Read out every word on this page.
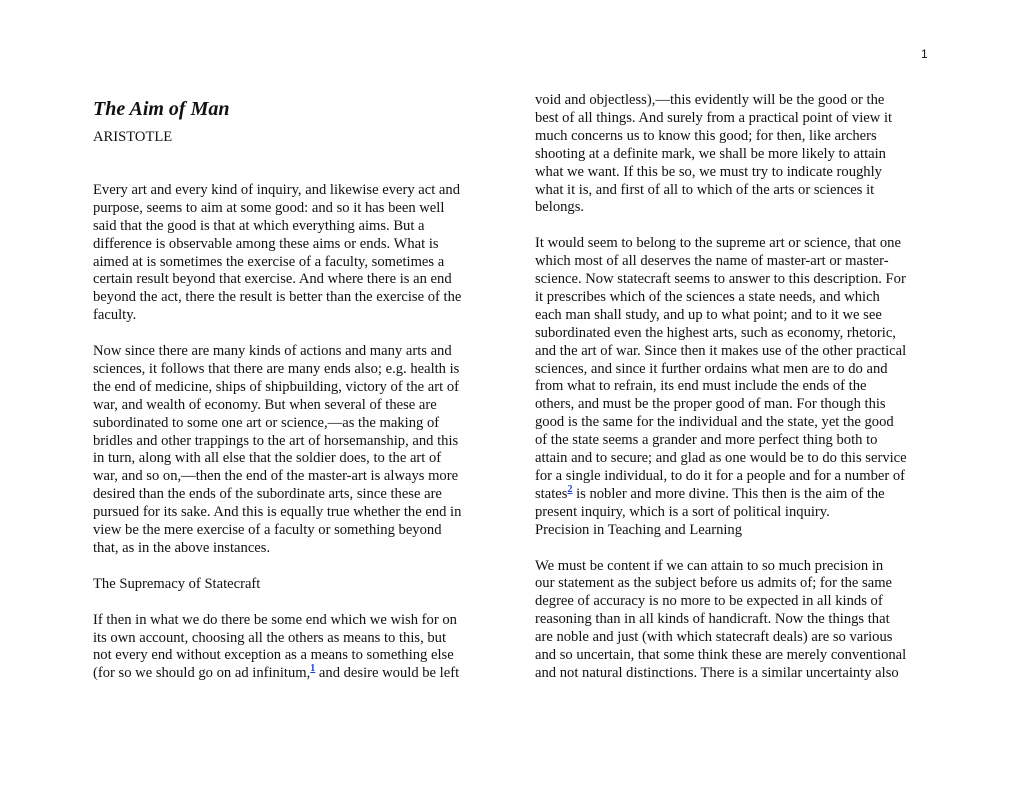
1
The Aim of Man
ARISTOTLE

Every art and every kind of inquiry, and likewise every act and
purpose, seems to aim at some good: and so it has been well
said that the good is that at which everything aims. But a
difference is observable among these aims or ends. What is
aimed at is sometimes the exercise of a faculty, sometimes a
certain result beyond that exercise. And where there is an end
beyond the act, there the result is better than the exercise of the
faculty.

Now since there are many kinds of actions and many arts and
sciences, it follows that there are many ends also; e.g. health is
the end of medicine, ships of shipbuilding, victory of the art of
war, and wealth of economy. But when several of these are
subordinated to some one art or science,—as the making of
bridles and other trappings to the art of horsemanship, and this
in turn, along with all else that the soldier does, to the art of
war, and so on,—then the end of the master-art is always more
desired than the ends of the subordinate arts, since these are
pursued for its sake. And this is equally true whether the end in
view be the mere exercise of a faculty or something beyond
that, as in the above instances.

The Supremacy of Statecraft

If then in what we do there be some end which we wish for on
its own account, choosing all the others as means to this, but
not every end without exception as a means to something else
(for so we should go on ad infinitum,$^1$ and desire would be left

void and objectless),—this evidently will be the good or the
best of all things. And surely from a practical point of view it
much concerns us to know this good; for then, like archers
shooting at a definite mark, we shall be more likely to attain
what we want. If this be so, we must try to indicate roughly
what it is, and first of all to which of the arts or sciences it
belongs.

It would seem to belong to the supreme art or science, that one
which most of all deserves the name of master-art or master-
science. Now statecraft seems to answer to this description. For
it prescribes which of the sciences a state needs, and which
each man shall study, and up to what point; and to it we see
subordinated even the highest arts, such as economy, rhetoric,
and the art of war. Since then it makes use of the other practical
sciences, and since it further ordains what men are to do and
from what to refrain, its end must include the ends of the
others, and must be the proper good of man. For though this
good is the same for the individual and the state, yet the good
of the state seems a grander and more perfect thing both to
attain and to secure; and glad as one would be to do this service
for a single individual, to do it for a people and for a number of
states$^2$ is nobler and more divine. This then is the aim of the
present inquiry, which is a sort of political inquiry.

Precision in Teaching and Learning

We must be content if we can attain to so much precision in
our statement as the subject before us admits of; for the same
degree of accuracy is no more to be expected in all kinds of
reasoning than in all kinds of handicraft. Now the things that
are noble and just (with which statecraft deals) are so various
and so uncertain, that some think these are merely conventional
and not natural distinctions. There is a similar uncertainty also
